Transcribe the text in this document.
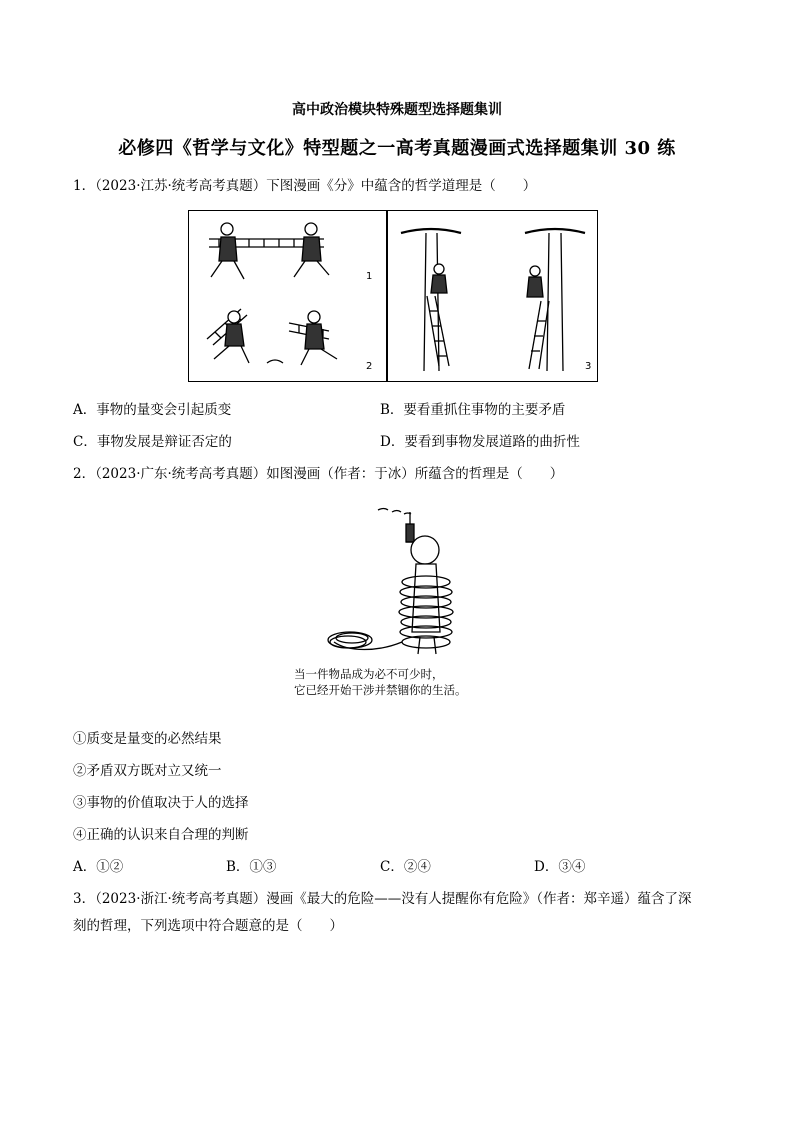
高中政治模块特殊题型选择题集训
必修四《哲学与文化》特型题之一高考真题漫画式选择题集训 30 练
1．（2023·江苏·统考高考真题）下图漫画《分》中蕴含的哲学道理是（　　）
1
2	3
A．事物的量变会引起质变	B．要看重抓住事物的主要矛盾
C．事物发展是辩证否定的	D．要看到事物发展道路的曲折性
2．（2023·广东·统考高考真题）如图漫画（作者：于冰）所蕴含的哲理是（　　）
当一件物品成为必不可少时，
它已经开始干涉并禁锢你的生活。
①质变是量变的必然结果
②矛盾双方既对立又统一
③事物的价值取决于人的选择
④正确的认识来自合理的判断
A．①②	B．①③	C．②④	D．③④
3．（2023·浙江·统考高考真题）漫画《最大的危险——没有人提醒你有危险》（作者：郑辛遥）蕴含了深
刻的哲理，下列选项中符合题意的是（　　）
